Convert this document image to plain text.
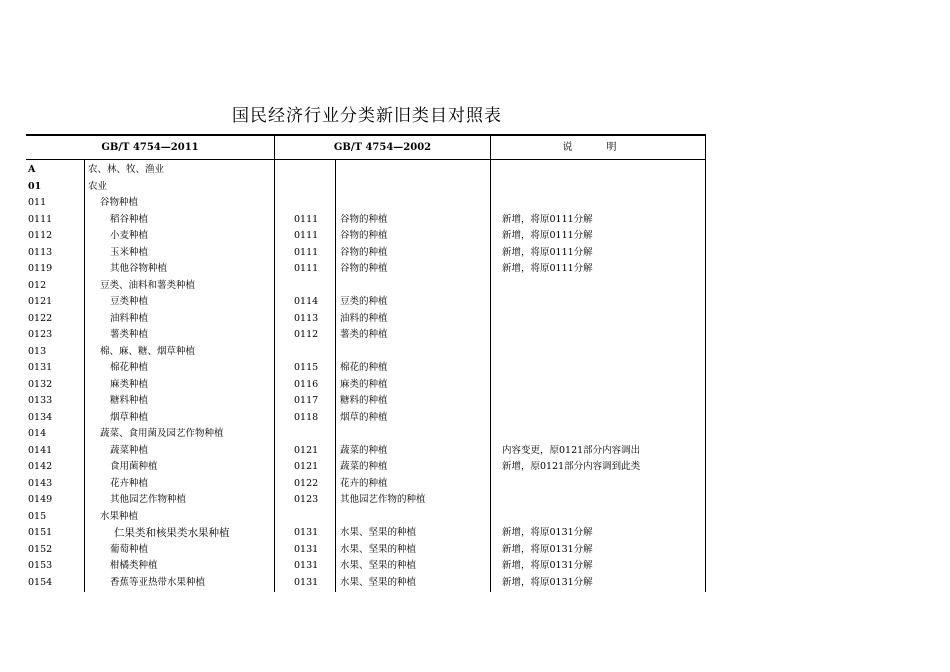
国民经济行业分类新旧类目对照表
GB/T 4754—2011	GB/T 4754—2002	说明
A	农、林、牧、渔业
01	农业
011	谷物种植
0111	稻谷种植	0111	谷物的种植	新增，将原0111分解
0112	小麦种植	0111	谷物的种植	新增，将原0111分解
0113	玉米种植	0111	谷物的种植	新增，将原0111分解
0119	其他谷物种植	0111	谷物的种植	新增，将原0111分解
012	豆类、油料和薯类种植
0121	豆类种植	0114	豆类的种植
0122	油料种植	0113	油料的种植
0123	薯类种植	0112	薯类的种植
013	棉、麻、糖、烟草种植
0131	棉花种植	0115	棉花的种植
0132	麻类种植	0116	麻类的种植
0133	糖料种植	0117	糖料的种植
0134	烟草种植	0118	烟草的种植
014	蔬菜、食用菌及园艺作物种植
0141	蔬菜种植	0121	蔬菜的种植	内容变更，原0121部分内容调出
0142	食用菌种植	0121	蔬菜的种植	新增，原0121部分内容调到此类
0143	花卉种植	0122	花卉的种植
0149	其他园艺作物种植	0123	其他园艺作物的种植
015	水果种植
0151	仁果类和核果类水果种植	0131	水果、坚果的种植	新增，将原0131分解
0152	葡萄种植	0131	水果、坚果的种植	新增，将原0131分解
0153	柑橘类种植	0131	水果、坚果的种植	新增，将原0131分解
0154	香蕉等亚热带水果种植	0131	水果、坚果的种植	新增，将原0131分解
